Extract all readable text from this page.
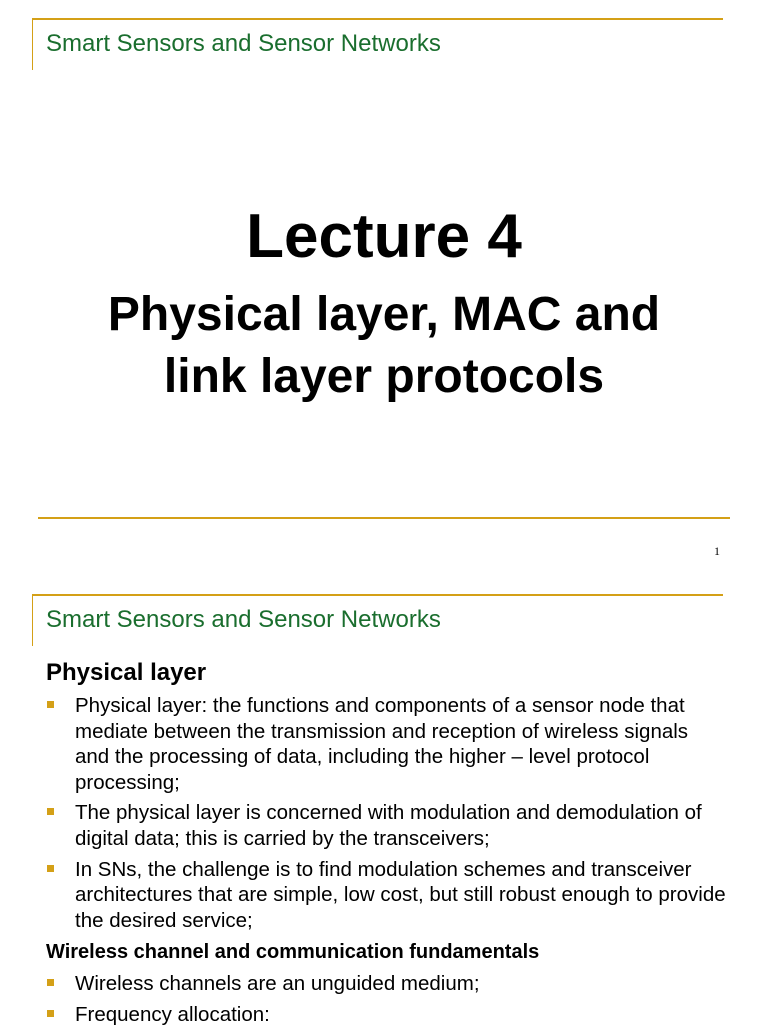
Smart Sensors and Sensor Networks
Lecture 4
Physical layer, MAC and
link layer protocols
1
Smart Sensors and Sensor Networks
Physical layer
Physical layer: the functions and components of a sensor node that mediate between the transmission and reception of wireless signals and the processing of data, including the higher – level protocol processing;
The physical layer is concerned with modulation and demodulation of digital data; this is carried by the transceivers;
In SNs, the challenge is to find modulation schemes and transceiver architectures that are simple, low cost, but still robust enough to provide the desired service;
Wireless channel and communication fundamentals
Wireless channels are an unguided medium;
Frequency allocation:
